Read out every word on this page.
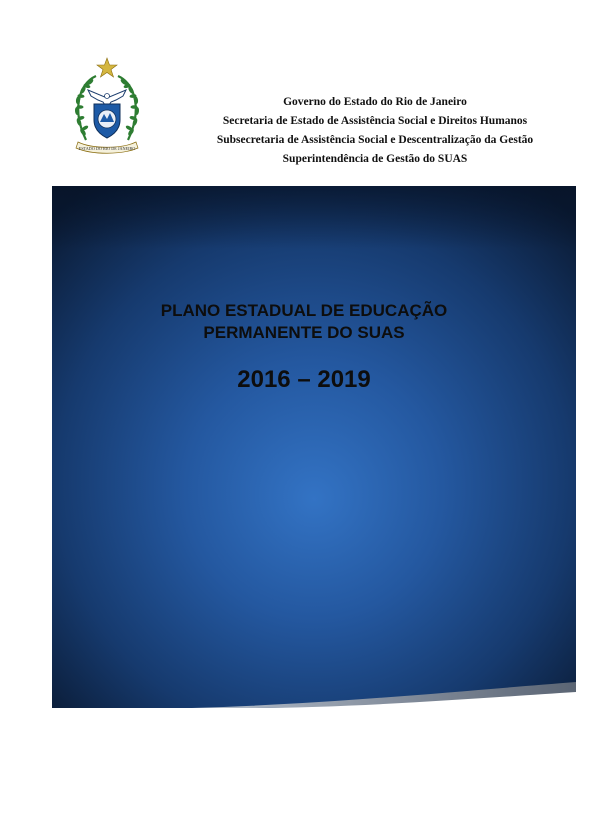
ESTADO DO RIO DE JANEIRO
Governo do Estado do Rio de Janeiro
Secretaria de Estado de Assistência Social e Direitos Humanos
Subsecretaria de Assistência Social e Descentralização da Gestão
Superintendência de Gestão do SUAS
PLANO ESTADUAL DE EDUCAÇÃO
PERMANENTE DO SUAS
2016 – 2019
